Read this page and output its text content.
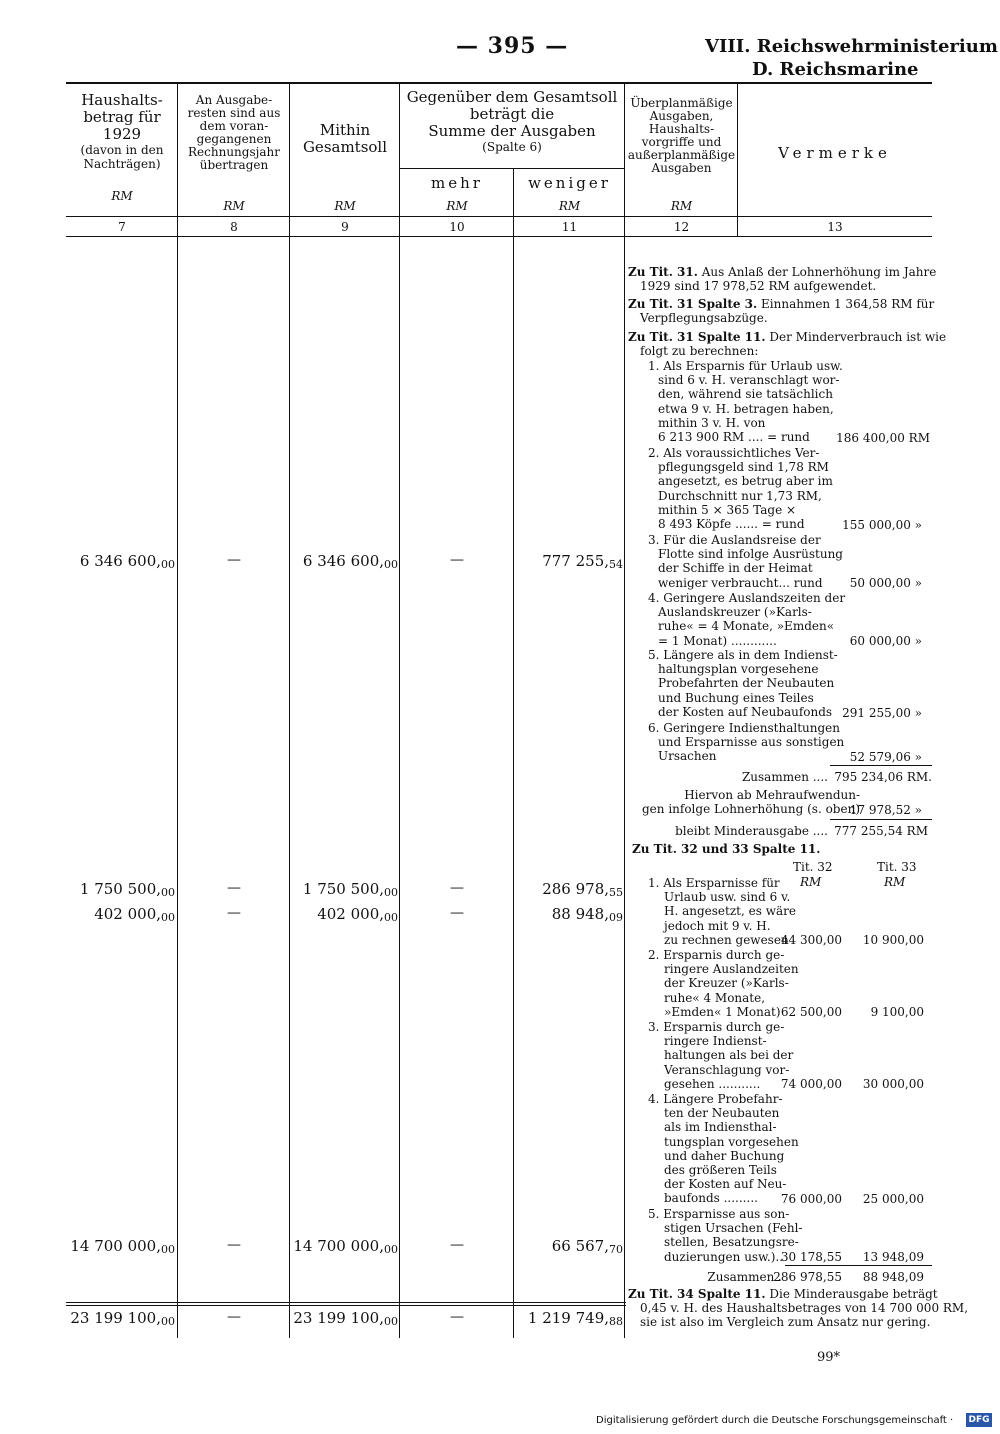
— 395 —	VIII. Reichswehrministerium
D. Reichsmarine
Haushalts-
betrag für
1929
(davon in den
Nachträgen)
An Ausgabe-
resten sind aus
dem voran-
gegangenen
Rechnungsjahr
übertragen
Mithin
Gesamtsoll
Gegenüber dem Gesamtsoll
beträgt die
Summe der Ausgaben
(Spalte 6)
mehr	weniger
Überplanmäßige
Ausgaben,
Haushalts-
vorgriffe und
außerplanmäßige
Ausgaben
Vermerke
RM
RM	RM	RM	RM	RM
7	8	9	10	11	12	13
6 346 $600,_{00}$	—	6 346 $600,_{00}$	—	777 $255,_{54}$
1 750 $500,_{00}$	—	1 750 $500,_{00}$	—	286 $978,_{55}$
402 $000,_{00}$	—	402 $000,_{00}$	—	88 $948,_{09}$
14 700 $000,_{00}$	—	14 700 $000,_{00}$	—	66 $567,_{70}$
23 199 $100,_{00}$	—	23 199 $100,_{00}$	—	1 219 $749,_{88}$
Zu Tit. 31. Aus Anlaß der Lohnerhöhung im Jahre
1929 sind 17 978,52 RM aufgewendet.
Zu Tit. 31 Spalte 3. Einnahmen 1 364,58 RM für
Verpflegungsabzüge.
Zu Tit. 31 Spalte 11. Der Minderverbrauch ist wie
folgt zu berechnen:
1. Als Ersparnis für Urlaub usw.
sind 6 v. H. veranschlagt wor-
den, während sie tatsächlich
etwa 9 v. H. betragen haben,
mithin 3 v. H. von
6 213 900 RM .... = rund	186 400,00 RM
2. Als voraussichtliches Ver-
pflegungsgeld sind 1,78 RM
angesetzt, es betrug aber im
Durchschnitt nur 1,73 RM,
mithin 5 × 365 Tage ×
8 493 Köpfe ...... = rund	155 000,00 »
3. Für die Auslandsreise der
Flotte sind infolge Ausrüstung
der Schiffe in der Heimat
weniger verbraucht... rund	50 000,00 »
4. Geringere Auslandszeiten der
Auslandskreuzer (»Karls-
ruhe« = 4 Monate, »Emden«
= 1 Monat) ............	60 000,00 »
5. Längere als in dem Indienst-
haltungsplan vorgesehene
Probefahrten der Neubauten
und Buchung eines Teiles
der Kosten auf Neubaufonds 291 255,00 »
6. Geringere Indiensthaltungen
und Ersparnisse aus sonstigen
Ursachen	52 579,06 »
Zusammen .... 795 234,06 RM.
Hiervon ab Mehraufwendun-
gen infolge Lohnerhöhung (s. oben)
17 978,52 »
bleibt Minderausgabe .... 777 255,54 RM
Zu Tit. 32 und 33 Spalte 11.
Tit. 32	Tit. 33
RM	RM
1. Als Ersparnisse für
Urlaub usw. sind 6 v.
H. angesetzt, es wäre
jedoch mit 9 v. H.
zu rechnen gewesen
44 300,00 10 900,00
2. Ersparnis durch ge-
ringere Auslandzeiten
der Kreuzer (»Karls-
ruhe« 4 Monate,
»Emden« 1 Monat) 62 500,00 9 100,00
3. Ersparnis durch ge-
ringere Indienst-
haltungen als bei der
Veranschlagung vor-
gesehen ...........	74 000,00 30 000,00
4. Längere Probefahr-
ten der Neubauten
als im Indiensthal-
tungsplan vorgesehen
und daher Buchung
des größeren Teils
der Kosten auf Neu-
baufonds .........	76 000,00 25 000,00
5. Ersparnisse aus son-
stigen Ursachen (Fehl-
stellen, Besatzungsre-
duzierungen usw.)..
30 178,55 13 948,09
Zusammen .
286 978,55 88 948,09
Zu Tit. 34 Spalte 11. Die Minderausgabe beträgt
0,45 v. H. des Haushaltsbetrages von 14 700 000 RM,
sie ist also im Vergleich zum Ansatz nur gering.
99*
Digitalisierung gefördert durch die Deutsche Forschungsgemeinschaft · DFG
